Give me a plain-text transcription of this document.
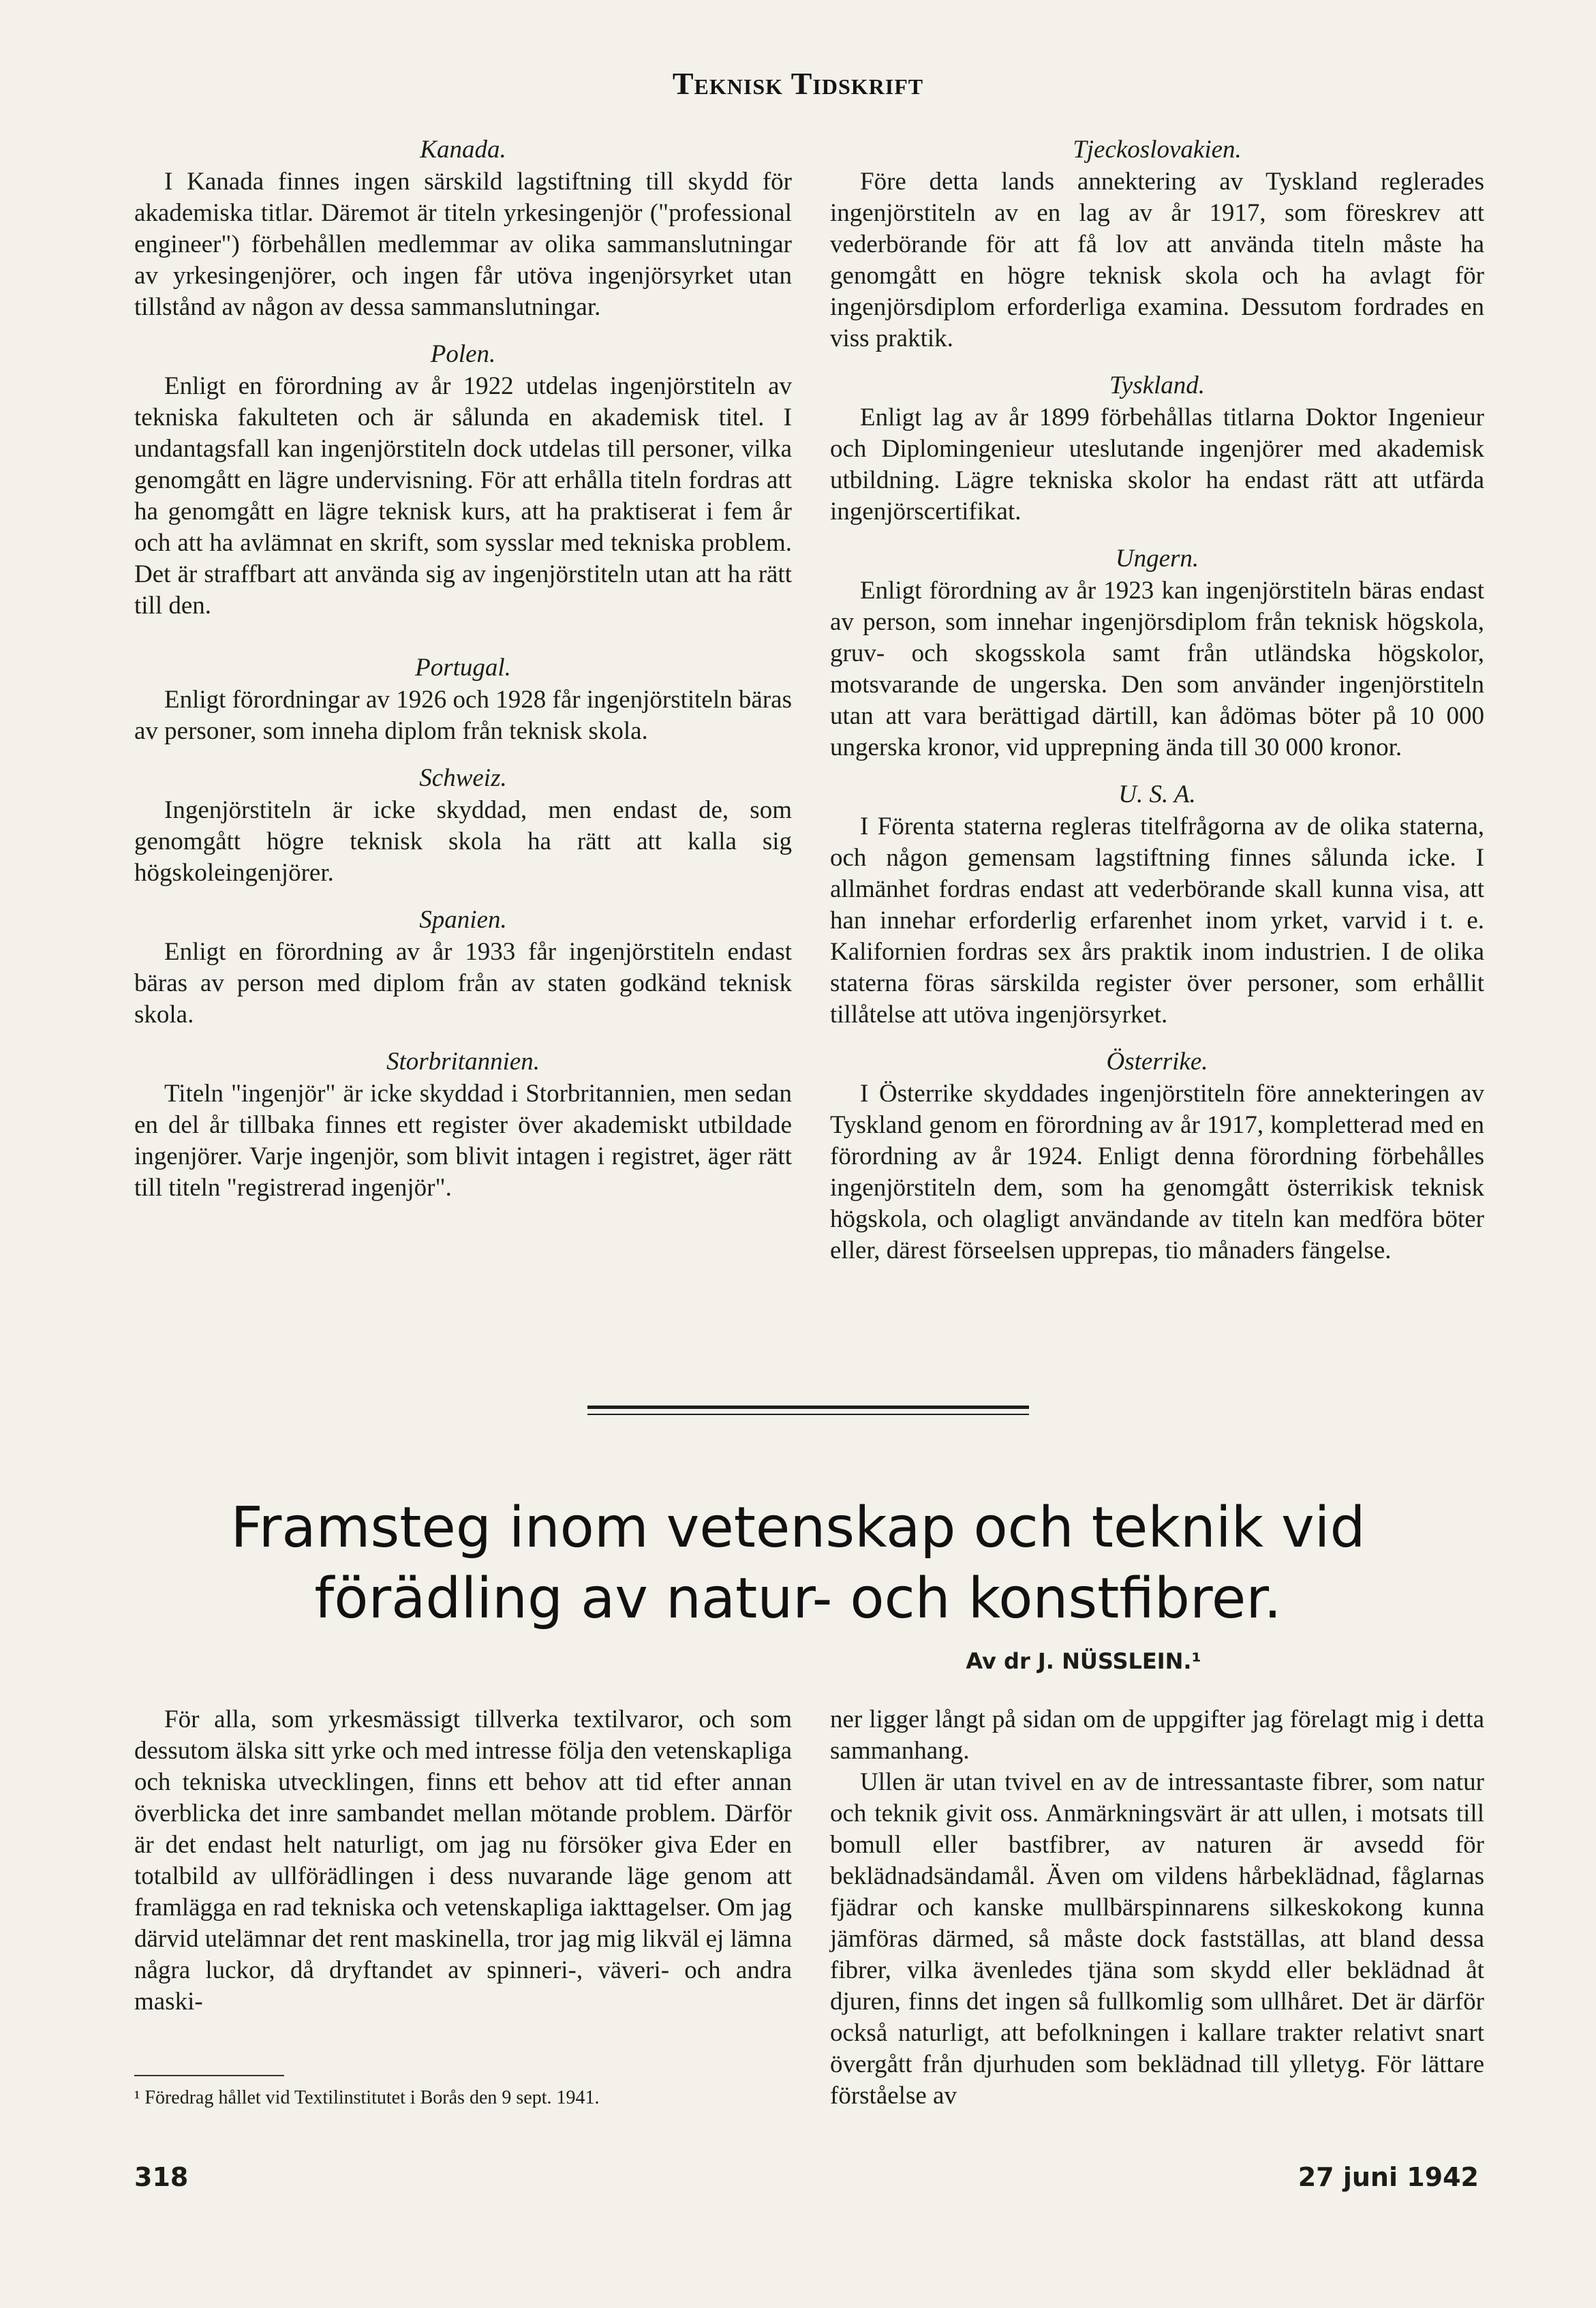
Teknisk Tidskrift
Kanada.

I Kanada finnes ingen särskild lagstiftning till skydd för akademiska titlar. Däremot är titeln yrkesingenjör ("professional engineer") förbehållen medlemmar av olika sammanslutningar av yrkesingenjörer, och ingen får utöva ingenjörsyrket utan tillstånd av någon av dessa sammanslutningar.

Polen.

Enligt en förordning av år 1922 utdelas ingenjörstiteln av tekniska fakulteten och är sålunda en akademisk titel. I undantagsfall kan ingenjörstiteln dock utdelas till personer, vilka genomgått en lägre undervisning. För att erhålla titeln fordras att ha genomgått en lägre teknisk kurs, att ha praktiserat i fem år och att ha avlämnat en skrift, som sysslar med tekniska problem. Det är straffbart att använda sig av ingenjörstiteln utan att ha rätt till den.

Portugal.

Enligt förordningar av 1926 och 1928 får ingenjörstiteln bäras av personer, som inneha diplom från teknisk skola.

Schweiz.

Ingenjörstiteln är icke skyddad, men endast de, som genomgått högre teknisk skola ha rätt att kalla sig högskoleingenjörer.

Spanien.

Enligt en förordning av år 1933 får ingenjörstiteln endast bäras av person med diplom från av staten godkänd teknisk skola.

Storbritannien.

Titeln "ingenjör" är icke skyddad i Storbritannien, men sedan en del år tillbaka finnes ett register över akademiskt utbildade ingenjörer. Varje ingenjör, som blivit intagen i registret, äger rätt till titeln "registrerad ingenjör".

Tjeckoslovakien.

Före detta lands annektering av Tyskland reglerades ingenjörstiteln av en lag av år 1917, som föreskrev att vederbörande för att få lov att använda titeln måste ha genomgått en högre teknisk skola och ha avlagt för ingenjörsdiplom erforderliga examina. Dessutom fordrades en viss praktik.

Tyskland.

Enligt lag av år 1899 förbehållas titlarna Doktor Ingenieur och Diplomingenieur uteslutande ingenjörer med akademisk utbildning. Lägre tekniska skolor ha endast rätt att utfärda ingenjörscertifikat.

Ungern.

Enligt förordning av år 1923 kan ingenjörstiteln bäras endast av person, som innehar ingenjörsdiplom från teknisk högskola, gruv- och skogsskola samt från utländska högskolor, motsvarande de ungerska. Den som använder ingenjörstiteln utan att vara berättigad därtill, kan ådömas böter på 10 000 ungerska kronor, vid upprepning ända till 30 000 kronor.

U. S. A.

I Förenta staterna regleras titelfrågorna av de olika staterna, och någon gemensam lagstiftning finnes sålunda icke. I allmänhet fordras endast att vederbörande skall kunna visa, att han innehar erforderlig erfarenhet inom yrket, varvid i t. e. Kalifornien fordras sex års praktik inom industrien. I de olika staterna föras särskilda register över personer, som erhållit tillåtelse att utöva ingenjörsyrket.

Österrike.

I Österrike skyddades ingenjörstiteln före annekteringen av Tyskland genom en förordning av år 1917, kompletterad med en förordning av år 1924. Enligt denna förordning förbehålles ingenjörstiteln dem, som ha genomgått österrikisk teknisk högskola, och olagligt användande av titeln kan medföra böter eller, därest förseelsen upprepas, tio månaders fängelse.

Framsteg inom vetenskap och teknik vid förädling av natur- och konstfibrer.
Av dr J. NÜSSLEIN.¹

För alla, som yrkesmässigt tillverka textilvaror, och som dessutom älska sitt yrke och med intresse följa den vetenskapliga och tekniska utvecklingen, finns ett behov att tid efter annan överblicka det inre sambandet mellan mötande problem. Därför är det endast helt naturligt, om jag nu försöker giva Eder en totalbild av ullförädlingen i dess nuvarande läge genom att framlägga en rad tekniska och vetenskapliga iakttagelser. Om jag därvid utelämnar det rent maskinella, tror jag mig likväl ej lämna några luckor, då dryftandet av spinneri-, väveri- och andra maski-

ner ligger långt på sidan om de uppgifter jag förelagt mig i detta sammanhang.

Ullen är utan tvivel en av de intressantaste fibrer, som natur och teknik givit oss. Anmärkningsvärt är att ullen, i motsats till bomull eller bastfibrer, av naturen är avsedd för beklädnadsändamål. Även om vildens hårbeklädnad, fåglarnas fjädrar och kanske mullbärspinnarens silkeskokong kunna jämföras därmed, så måste dock fastställas, att bland dessa fibrer, vilka ävenledes tjäna som skydd eller beklädnad åt djuren, finns det ingen så fullkomlig som ullhåret. Det är därför också naturligt, att befolkningen i kallare trakter relativt snart övergått från djurhuden som beklädnad till ylletyg. För lättare förståelse av

¹ Föredrag hållet vid Textilinstitutet i Borås den 9 sept. 1941.
318	27 juni 1942
